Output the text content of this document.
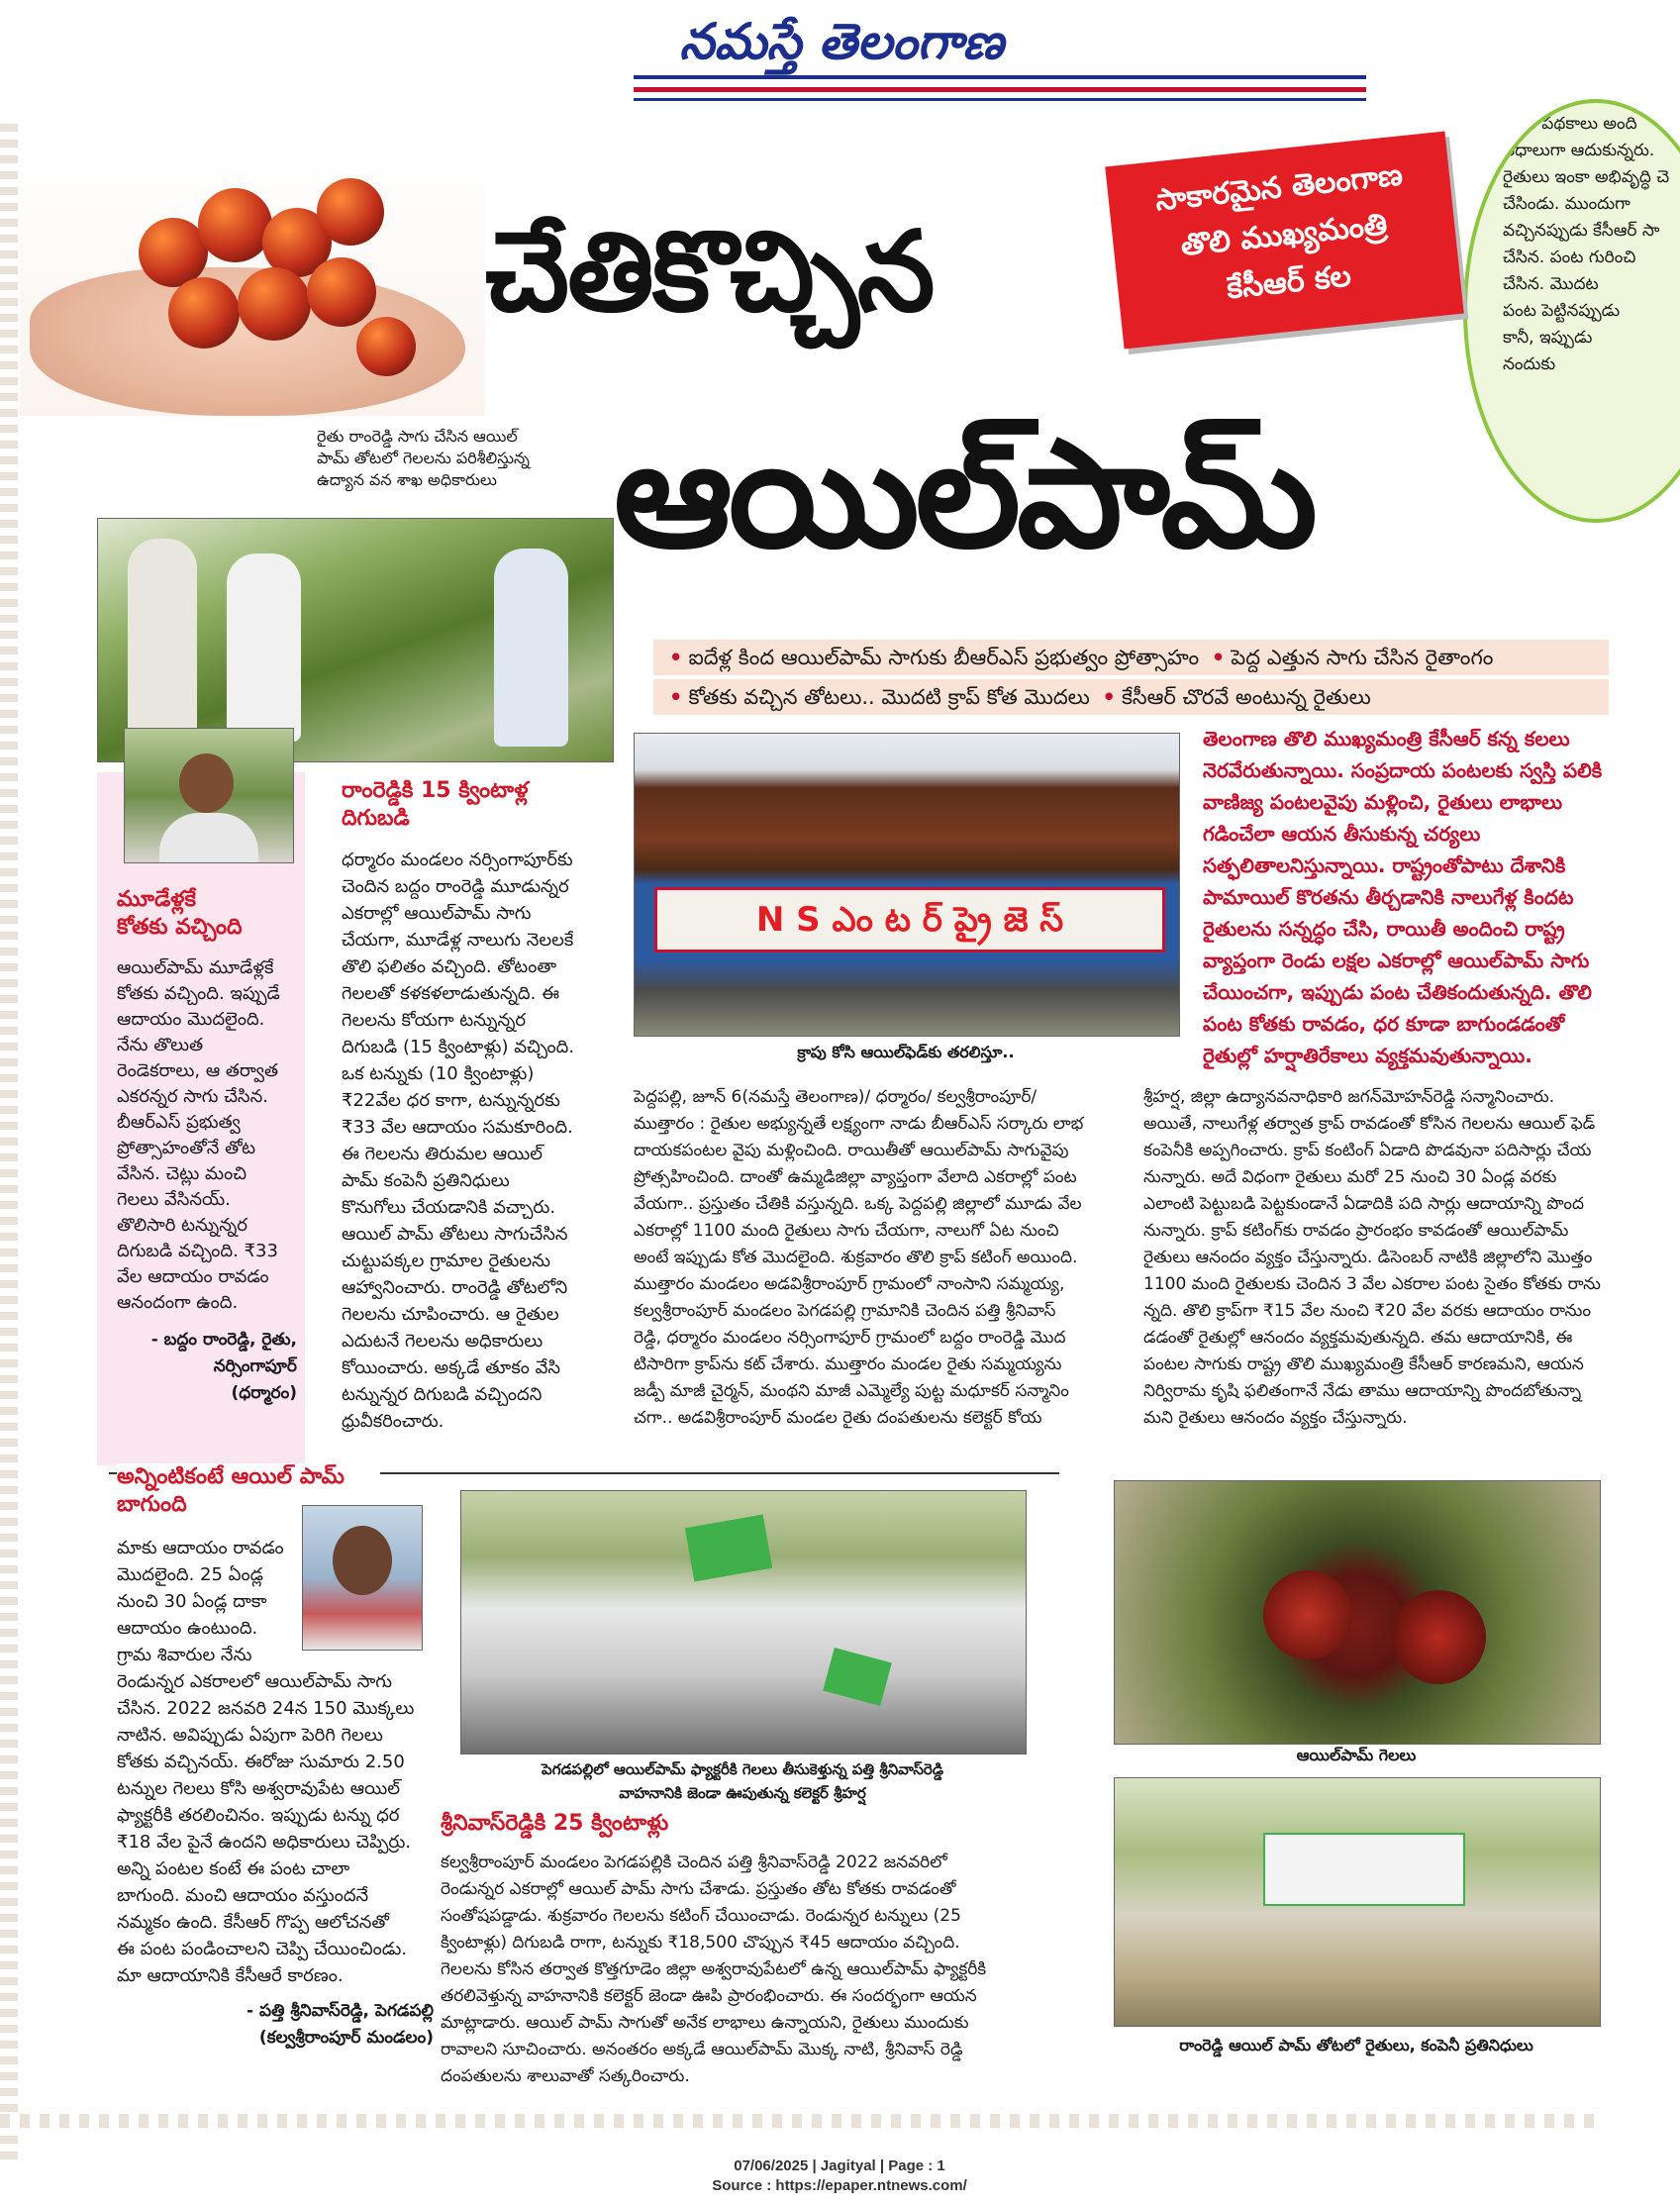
నమస్తే తెలంగాణ
వంటి పథకాలు అంది
విధాలుగా ఆదుకున్నరు.
రైతులు ఇంకా అభివృద్ధి చె
చేసిండు. ముందుగా
వచ్చినప్పుడు కేసీఆర్ సా
చేసిన. పంట గురించి
చేసిన. మొదట
పంట పెట్టినప్పుడు
కానీ, ఇప్పుడు
నందుకు
చేతికొచ్చిన
ఆయిల్‌పామ్
సాకారమైన తెలంగాణ
తొలి ముఖ్యమంత్రి
కేసీఆర్ కల
రైతు రాంరెడ్డి సాగు చేసిన ఆయిల్
పామ్ తోటలో గెలలను పరిశీలిస్తున్న
ఉద్యాన వన శాఖ అధికారులు
• ఐదేళ్ల కింద ఆయిల్‌పామ్ సాగుకు బీఆర్‌ఎస్ ప్రభుత్వం ప్రోత్సాహం • పెద్ద ఎత్తున సాగు చేసిన రైతాంగం
• కోతకు వచ్చిన తోటలు.. మొదటి క్రాప్ కోత మొదలు • కేసీఆర్ చొరవే అంటున్న రైతులు
మూడేళ్లకే
కోతకు వచ్చింది
ఆయిల్‌పామ్ మూడేళ్లకే
కోతకు వచ్చింది. ఇప్పుడే
ఆదాయం మొదలైంది.
నేను తొలుత
రెండెకరాలు, ఆ తర్వాత
ఎకరన్నర సాగు చేసిన.
బీఆర్‌ఎస్ ప్రభుత్వ
ప్రోత్సాహంతోనే తోట
వేసిన. చెట్లు మంచి
గెలలు వేసినయ్.
తొలిసారి టన్నున్నర
దిగుబడి వచ్చింది. ₹33
వేల ఆదాయం రావడం
ఆనందంగా ఉంది.
- బద్దం రాంరెడ్డి, రైతు,
నర్సింగాపూర్
(ధర్మారం)
రాంరెడ్డికి 15 క్వింటాళ్ల
దిగుబడి
ధర్మారం మండలం నర్సింగాపూర్‌కు
చెందిన బద్దం రాంరెడ్డి మూడున్నర
ఎకరాల్లో ఆయిల్‌పామ్ సాగు
చేయగా, మూడేళ్ల నాలుగు నెలలకే
తొలి ఫలితం వచ్చింది. తోటంతా
గెలలతో కళకళలాడుతున్నది. ఈ
గెలలను కోయగా టన్నున్నర
దిగుబడి (15 క్వింటాళ్లు) వచ్చింది.
ఒక టన్నుకు (10 క్వింటాళ్లు)
₹22వేల ధర కాగా, టన్నున్నరకు
₹33 వేల ఆదాయం సమకూరింది.
ఈ గెలలను తిరుమల ఆయిల్
పామ్ కంపెనీ ప్రతినిధులు
కొనుగోలు చేయడానికి వచ్చారు.
ఆయిల్ పామ్ తోటలు సాగుచేసిన
చుట్టుపక్కల గ్రామాల రైతులను
ఆహ్వానించారు. రాంరెడ్డి తోటలోని
గెలలను చూపించారు. ఆ రైతుల
ఎదుటనే గెలలను అధికారులు
కోయించారు. అక్కడే తూకం వేసి
టన్నున్నర దిగుబడి వచ్చిందని
ధ్రువీకరించారు.
N S ఎం ట ర్ ప్రై జె స్
క్రాపు కోసి ఆయిల్‌ఫెడ్‌కు తరలిస్తూ..
తెలంగాణ తొలి ముఖ్యమంత్రి కేసీఆర్ కన్న కలలు
నెరవేరుతున్నాయి. సంప్రదాయ పంటలకు స్వస్తి పలికి
వాణిజ్య పంటలవైపు మళ్లించి, రైతులు లాభాలు
గడించేలా ఆయన తీసుకున్న చర్యలు
సత్ఫలితాలనిస్తున్నాయి. రాష్ట్రంతోపాటు దేశానికి
పామాయిల్ కొరతను తీర్చడానికి నాలుగేళ్ల కిందట
రైతులను సన్నద్ధం చేసి, రాయితీ అందించి రాష్ట్ర
వ్యాప్తంగా రెండు లక్షల ఎకరాల్లో ఆయిల్‌పామ్ సాగు
చేయించగా, ఇప్పుడు పంట చేతికందుతున్నది. తొలి
పంట కోతకు రావడం, ధర కూడా బాగుండడంతో
రైతుల్లో హర్షాతిరేకాలు వ్యక్తమవుతున్నాయి.
పెద్దపల్లి, జూన్ 6(నమస్తే తెలంగాణ)/ ధర్మారం/ కల్వశ్రీరాంపూర్/
ముత్తారం : రైతుల అభ్యున్నతే లక్ష్యంగా నాడు బీఆర్‌ఎస్ సర్కారు లాభ
దాయకపంటల వైపు మళ్లించింది. రాయితీతో ఆయిల్‌పామ్ సాగువైపు
ప్రోత్సహించింది. దాంతో ఉమ్మడిజిల్లా వ్యాప్తంగా వేలాది ఎకరాల్లో పంట
వేయగా.. ప్రస్తుతం చేతికి వస్తున్నది. ఒక్క పెద్దపల్లి జిల్లాలో మూడు వేల
ఎకరాల్లో 1100 మంది రైతులు సాగు చేయగా, నాలుగో ఏట నుంచి
అంటే ఇప్పుడు కోత మొదలైంది. శుక్రవారం తొలి క్రాప్ కటింగ్ అయింది.
ముత్తారం మండలం అడవిశ్రీరాంపూర్ గ్రామంలో నాంసాని సమ్మయ్య,
కల్వశ్రీరాంపూర్ మండలం పెగడపల్లి గ్రామానికి చెందిన పత్తి శ్రీనివాస్
రెడ్డి, ధర్మారం మండలం నర్సింగాపూర్ గ్రామంలో బద్దం రాంరెడ్డి మొద
టిసారిగా క్రాప్‌ను కట్ చేశారు. ముత్తారం మండల రైతు సమ్మయ్యను
జడ్పీ మాజీ చైర్మన్, మంథని మాజీ ఎమ్మెల్యే పుట్ట మధూకర్ సన్మానిం
చగా.. అడవిశ్రీరాంపూర్ మండల రైతు దంపతులను కలెక్టర్ కోయ
శ్రీహర్ష, జిల్లా ఉద్యానవనాధికారి జగన్‌మోహన్‌రెడ్డి సన్మానించారు.
అయితే, నాలుగేళ్ల తర్వాత క్రాప్ రావడంతో కోసిన గెలలను ఆయిల్ ఫెడ్
కంపెనీకి అప్పగించారు. క్రాప్ కంటింగ్ ఏడాది పొడవునా పదిసార్లు చేయ
నున్నారు. అదే విధంగా రైతులు మరో 25 నుంచి 30 ఏండ్ల వరకు
ఎలాంటి పెట్టుబడి పెట్టకుండానే ఏడాదికి పది సార్లు ఆదాయాన్ని పొంద
నున్నారు. క్రాప్ కటింగ్‌కు రావడం ప్రారంభం కావడంతో ఆయిల్‌పామ్
రైతులు ఆనందం వ్యక్తం చేస్తున్నారు. డిసెంబర్ నాటికి జిల్లాలోని మొత్తం
1100 మంది రైతులకు చెందిన 3 వేల ఎకరాల పంట సైతం కోతకు రాను
న్నది. తొలి క్రాప్‌గా ₹15 వేల నుంచి ₹20 వేల వరకు ఆదాయం రానుం
డడంతో రైతుల్లో ఆనందం వ్యక్తమవుతున్నది. తమ ఆదాయానికి, ఈ
పంటల సాగుకు రాష్ట్ర తొలి ముఖ్యమంత్రి కేసీఆర్ కారణమని, ఆయన
నిర్విరామ కృషి ఫలితంగానే నేడు తాము ఆదాయాన్ని పొందబోతున్నా
మని రైతులు ఆనందం వ్యక్తం చేస్తున్నారు.
అన్నింటికంటే ఆయిల్ పామ్
బాగుంది
మాకు ఆదాయం రావడం
మొదలైంది. 25 ఏండ్ల
నుంచి 30 ఏండ్ల దాకా
ఆదాయం ఉంటుంది.
గ్రామ శివారుల నేను
రెండున్నర ఎకరాలలో ఆయిల్‌పామ్ సాగు
చేసిన. 2022 జనవరి 24న 150 మొక్కలు
నాటిన. అవిప్పుడు ఏపుగా పెరిగి గెలలు
కోతకు వచ్చినయ్. ఈరోజు సుమారు 2.50
టన్నుల గెలలు కోసి అశ్వరావుపేట ఆయిల్
ఫ్యాక్టరీకి తరలించినం. ఇప్పుడు టన్ను ధర
₹18 వేల పైనే ఉందని అధికారులు చెప్పిర్రు.
అన్ని పంటల కంటే ఈ పంట చాలా
బాగుంది. మంచి ఆదాయం వస్తుందనే
నమ్మకం ఉంది. కేసీఆర్ గొప్ప ఆలోచనతో
ఈ పంట పండించాలని చెప్పి చేయించిండు.
మా ఆదాయానికి కేసీఆరే కారణం.
- పత్తి శ్రీనివాస్‌రెడ్డి, పెగడపల్లి
(కల్వశ్రీరాంపూర్ మండలం)
పెగడపల్లిలో ఆయిల్‌పామ్ ఫ్యాక్టరీకి గెలలు తీసుకెళ్తున్న పత్తి శ్రీనివాస్‌రెడ్డి
వాహనానికి జెండా ఊపుతున్న కలెక్టర్ శ్రీహర్ష
శ్రీనివాస్‌రెడ్డికి 25 క్వింటాళ్లు
కల్వశ్రీరాంపూర్ మండలం పెగడపల్లికి చెందిన పత్తి శ్రీనివాస్‌రెడ్డి 2022 జనవరిలో
రెండున్నర ఎకరాల్లో ఆయిల్ పామ్ సాగు చేశాడు. ప్రస్తుతం తోట కోతకు రావడంతో
సంతోషపడ్డాడు. శుక్రవారం గెలలను కటింగ్ చేయించాడు. రెండున్నర టన్నులు (25
క్వింటాళ్లు) దిగుబడి రాగా, టన్నుకు ₹18,500 చొప్పున ₹45 ఆదాయం వచ్చింది.
గెలలను కోసిన తర్వాత కొత్తగూడెం జిల్లా అశ్వరావుపేటలో ఉన్న ఆయిల్‌పామ్ ఫ్యాక్టరీకి
తరలివెళ్తున్న వాహనానికి కలెక్టర్ జెండా ఊపి ప్రారంభించారు. ఈ సందర్భంగా ఆయన
మాట్లాడారు. ఆయిల్ పామ్ సాగుతో అనేక లాభాలు ఉన్నాయని, రైతులు ముందుకు
రావాలని సూచించారు. అనంతరం అక్కడే ఆయిల్‌పామ్ మొక్క నాటి, శ్రీనివాస్ రెడ్డి
దంపతులను శాలువాతో సత్కరించారు.
ఆయిల్‌పామ్ గెలలు
రాంరెడ్డి ఆయిల్ పామ్ తోటలో రైతులు, కంపెనీ ప్రతినిధులు
07/06/2025 | Jagityal | Page : 1
Source : https://epaper.ntnews.com/
